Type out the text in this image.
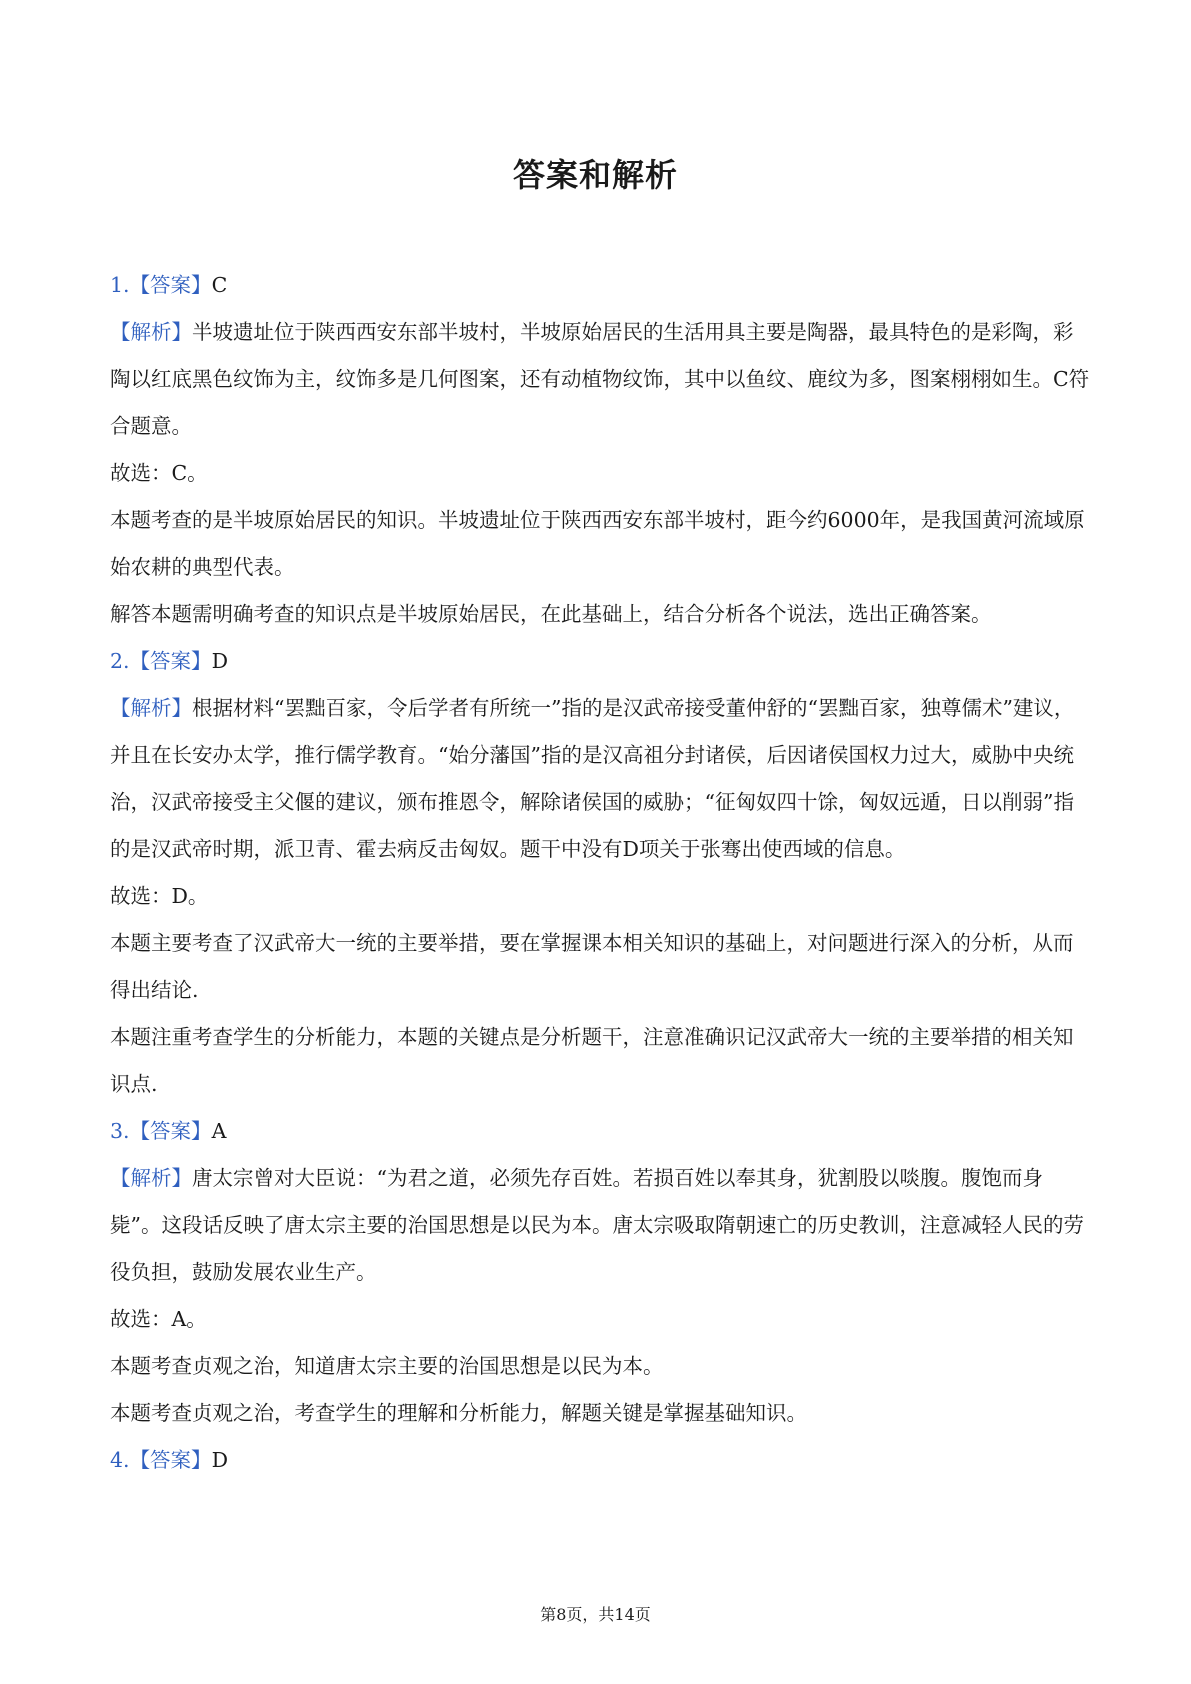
答案和解析

1.【答案】C

【解析】半坡遗址位于陕西西安东部半坡村，半坡原始居民的生活用具主要是陶器，最具特色的是彩陶，彩陶以红底黑色纹饰为主，纹饰多是几何图案，还有动植物纹饰，其中以鱼纹、鹿纹为多，图案栩栩如生。C符合题意。

故选：C。

本题考查的是半坡原始居民的知识。半坡遗址位于陕西西安东部半坡村，距今约6000年，是我国黄河流域原始农耕的典型代表。

解答本题需明确考查的知识点是半坡原始居民，在此基础上，结合分析各个说法，选出正确答案。

2.【答案】D

【解析】根据材料“罢黜百家，令后学者有所统一”指的是汉武帝接受董仲舒的“罢黜百家，独尊儒术”建议，并且在长安办太学，推行儒学教育。“始分藩国”指的是汉高祖分封诸侯，后因诸侯国权力过大，威胁中央统治，汉武帝接受主父偃的建议，颁布推恩令，解除诸侯国的威胁；“征匈奴四十馀，匈奴远遁，日以削弱”指的是汉武帝时期，派卫青、霍去病反击匈奴。题干中没有D项关于张骞出使西域的信息。

故选：D。

本题主要考查了汉武帝大一统的主要举措，要在掌握课本相关知识的基础上，对问题进行深入的分析，从而得出结论.

本题注重考查学生的分析能力，本题的关键点是分析题干，注意准确识记汉武帝大一统的主要举措的相关知识点.

3.【答案】A

【解析】唐太宗曾对大臣说：“为君之道，必须先存百姓。若损百姓以奉其身，犹割股以啖腹。腹饱而身毙”。这段话反映了唐太宗主要的治国思想是以民为本。唐太宗吸取隋朝速亡的历史教训，注意减轻人民的劳役负担，鼓励发展农业生产。

故选：A。

本题考查贞观之治，知道唐太宗主要的治国思想是以民为本。

本题考查贞观之治，考查学生的理解和分析能力，解题关键是掌握基础知识。

4.【答案】D

第8页，共14页
